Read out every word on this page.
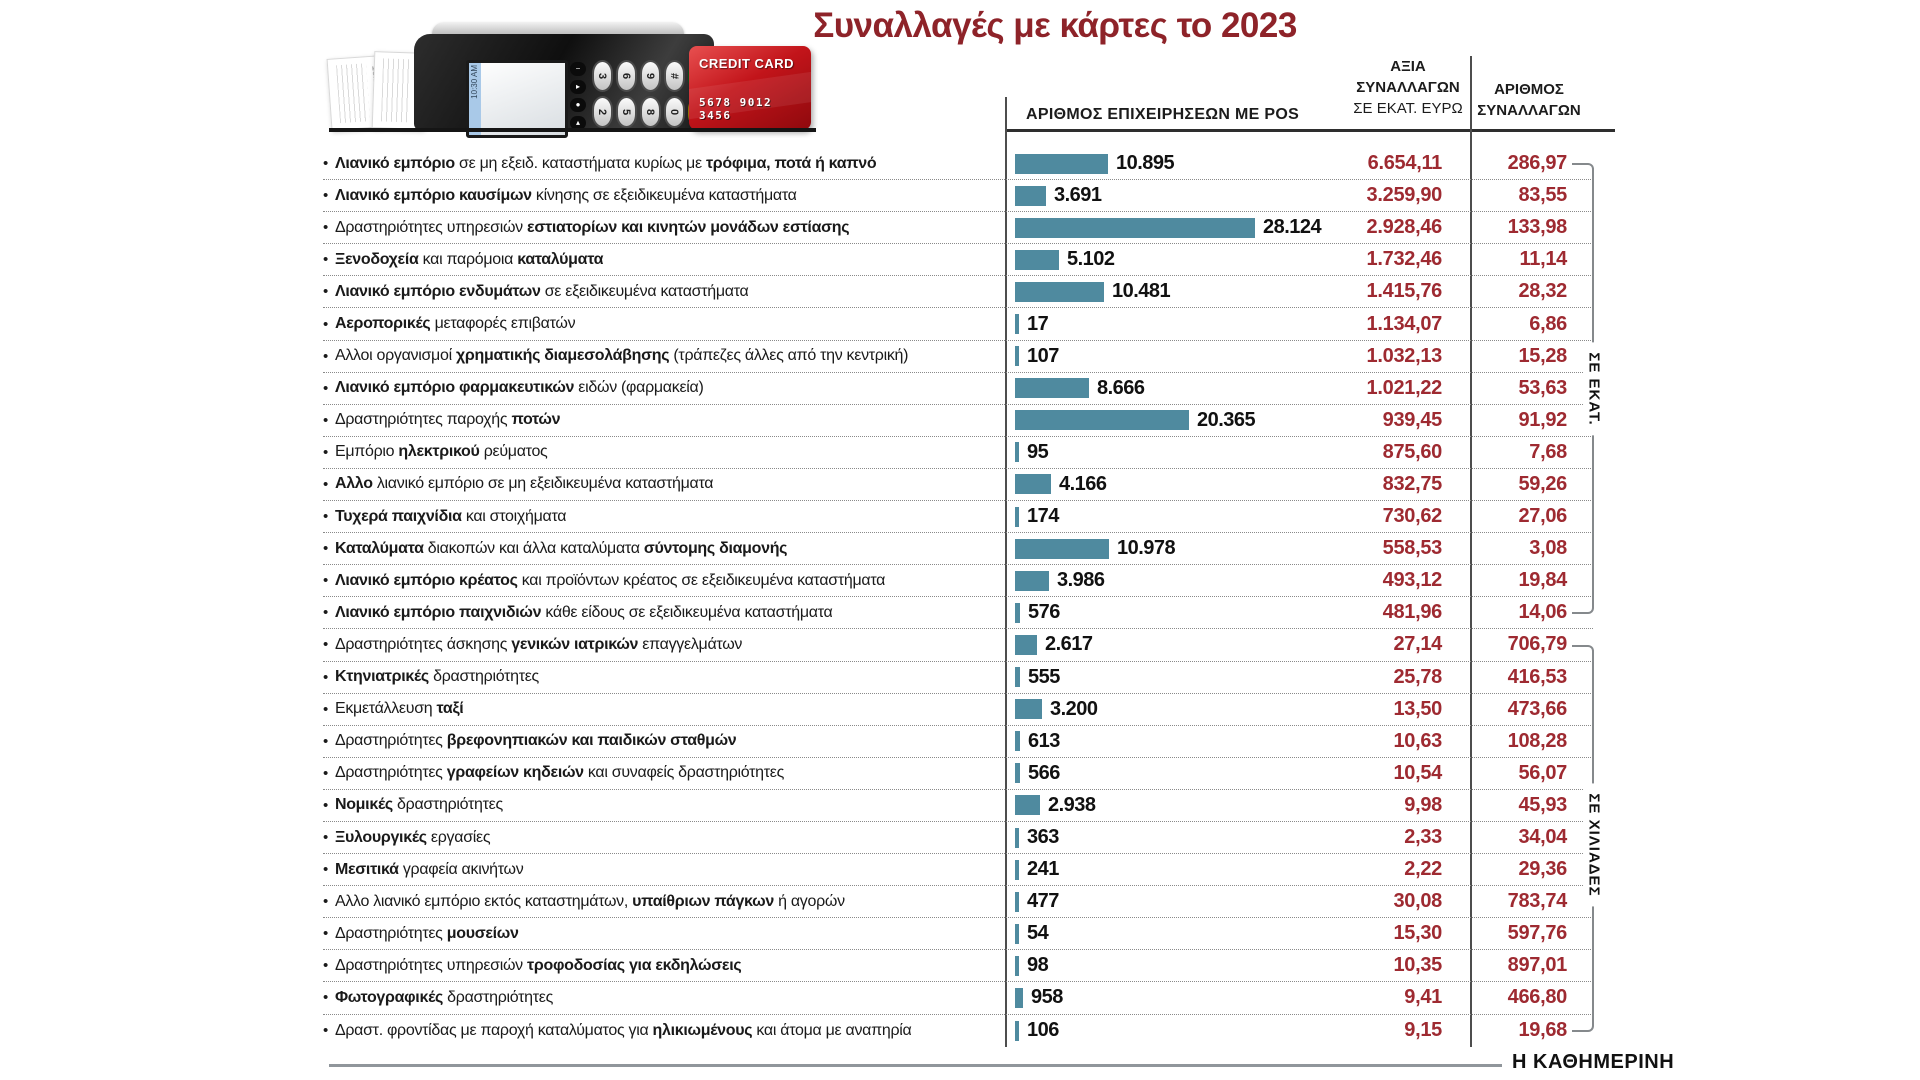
10:30 AM	−
▸
●
▴
3 6 9 #
2 5 8 0
CREDIT CARD
5678 9012 3456
Συναλλαγές με κάρτες το 2023
ΑΡΙΘΜΟΣ ΕΠΙΧΕΙΡΗΣΕΩΝ ΜΕ POS
ΑΞΙΑ
ΣΥΝΑΛΛΑΓΩΝ
ΣΕ ΕΚΑΤ. ΕΥΡΩ
ΑΡΙΘΜΟΣ
ΣΥΝΑΛΛΑΓΩΝ
• Λιανικό εμπόριο σε μη εξειδ. καταστήματα κυρίως με τρόφιμα, ποτά ή καπνό	10.895	6.654,11	286,97
• Λιανικό εμπόριο καυσίμων κίνησης σε εξειδικευμένα καταστήματα	3.691	3.259,90	83,55
• Δραστηριότητες υπηρεσιών εστιατορίων και κινητών μονάδων εστίασης	28.124	2.928,46	133,98
• Ξενοδοχεία και παρόμοια καταλύματα	5.102	1.732,46	11,14
• Λιανικό εμπόριο ενδυμάτων σε εξειδικευμένα καταστήματα	10.481	1.415,76	28,32
• Αεροπορικές μεταφορές επιβατών	17	1.134,07	6,86
• Αλλοι οργανισμοί χρηματικής διαμεσολάβησης (τράπεζες άλλες από την κεντρική)	107	1.032,13	15,28
• Λιανικό εμπόριο φαρμακευτικών ειδών (φαρμακεία)	8.666	1.021,22	53,63
• Δραστηριότητες παροχής ποτών	20.365	939,45	91,92
• Εμπόριο ηλεκτρικού ρεύματος	95	875,60	7,68
• Αλλο λιανικό εμπόριο σε μη εξειδικευμένα καταστήματα	4.166	832,75	59,26
• Τυχερά παιχνίδια και στοιχήματα	174	730,62	27,06
• Καταλύματα διακοπών και άλλα καταλύματα σύντομης διαμονής	10.978	558,53	3,08
• Λιανικό εμπόριο κρέατος και προϊόντων κρέατος σε εξειδικευμένα καταστήματα	3.986	493,12	19,84
• Λιανικό εμπόριο παιχνιδιών κάθε είδους σε εξειδικευμένα καταστήματα	576	481,96	14,06
• Δραστηριότητες άσκησης γενικών ιατρικών επαγγελμάτων	2.617	27,14	706,79
• Κτηνιατρικές δραστηριότητες	555	25,78	416,53
• Εκμετάλλευση ταξί	3.200	13,50	473,66
• Δραστηριότητες βρεφονηπιακών και παιδικών σταθμών	613	10,63	108,28
• Δραστηριότητες γραφείων κηδειών και συναφείς δραστηριότητες	566	10,54	56,07
• Νομικές δραστηριότητες	2.938	9,98	45,93
• Ξυλουργικές εργασίες	363	2,33	34,04
• Μεσιτικά γραφεία ακινήτων	241	2,22	29,36
• Αλλο λιανικό εμπόριο εκτός καταστημάτων, υπαίθριων πάγκων ή αγορών	477	30,08	783,74
• Δραστηριότητες μουσείων	54	15,30	597,76
• Δραστηριότητες υπηρεσιών τροφοδοσίας για εκδηλώσεις	98	10,35	897,01
• Φωτογραφικές δραστηριότητες	958	9,41	466,80
• Δραστ. φροντίδας με παροχή καταλύματος για ηλικιωμένους και άτομα με αναπηρία	106	9,15	19,68
ΣΕ ΕΚΑΤ.
ΣΕ ΧΙΛΙΑΔΕΣ
Η ΚΑΘΗΜΕΡΙΝΗ
